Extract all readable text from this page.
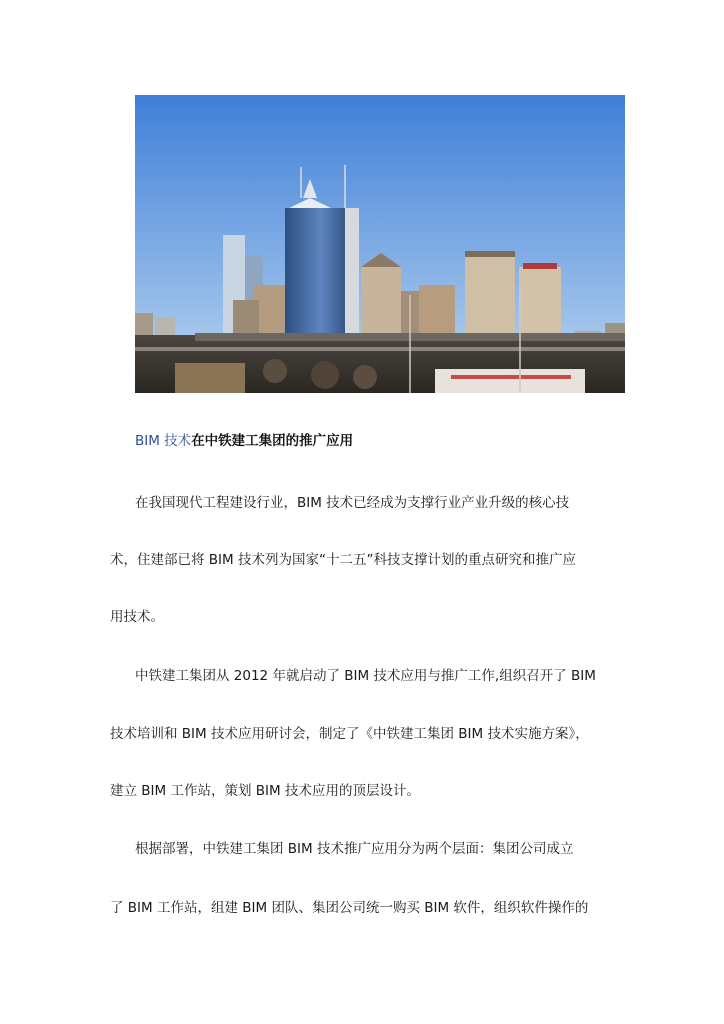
BIM 技术在中铁建工集团的推广应用
在我国现代工程建设行业，BIM 技术已经成为支撑行业产业升级的核心技
术，住建部已将 BIM 技术列为国家“十二五”科技支撑计划的重点研究和推广应
用技术。
中铁建工集团从 2012 年就启动了 BIM 技术应用与推广工作,组织召开了 BIM
技术培训和 BIM 技术应用研讨会，制定了《中铁建工集团 BIM 技术实施方案》，
建立 BIM 工作站，策划 BIM 技术应用的顶层设计。
根据部署，中铁建工集团 BIM 技术推广应用分为两个层面：集团公司成立
了 BIM 工作站，组建 BIM 团队、集团公司统一购买 BIM 软件，组织软件操作的
